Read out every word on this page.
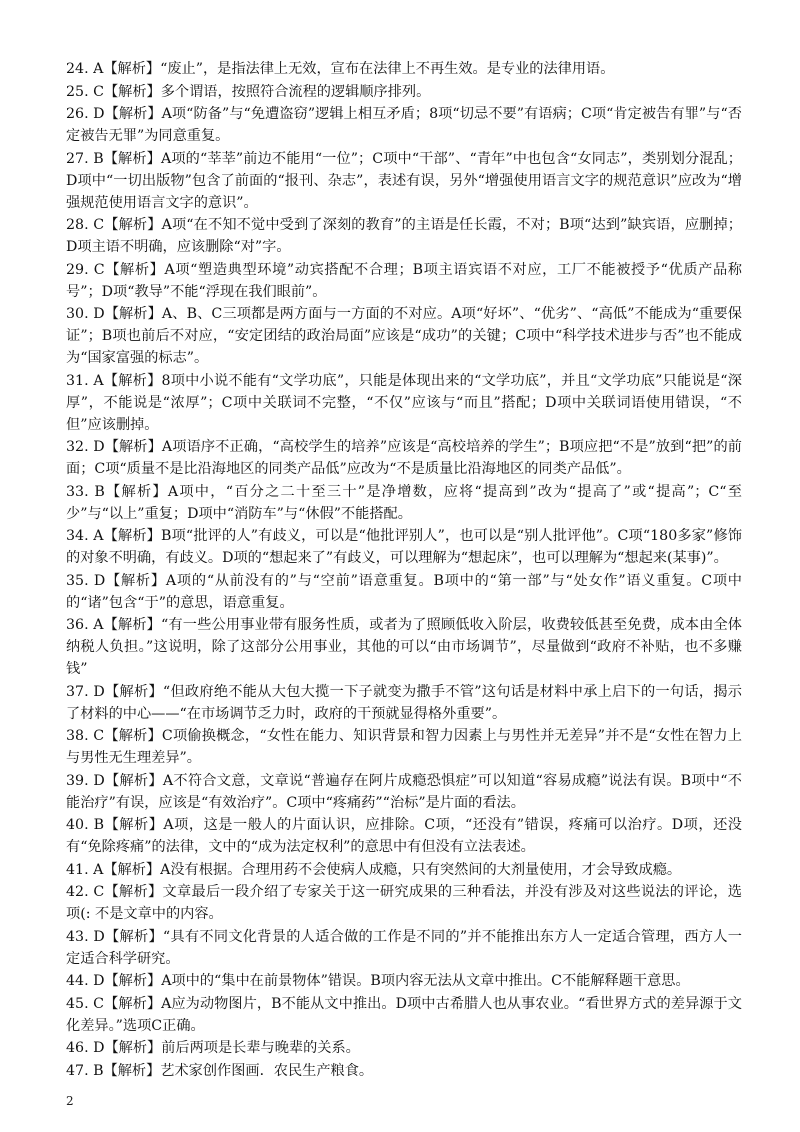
24. A【解析】“废止”，是指法律上无效，宣布在法律上不再生效。是专业的法律用语。

25. C【解析】多个谓语，按照符合流程的逻辑顺序排列。

26. D【解析】A项“防备”与“免遭盗窃”逻辑上相互矛盾；8项“切忌不要”有语病；C项“肯定被告有罪”与“否定被告无罪”为同意重复。

27. B【解析】A项的“莘莘”前边不能用“一位”；C项中“干部”、“青年”中也包含“女同志”，类别划分混乱；D项中“一切出版物”包含了前面的“报刊、杂志”，表述有误，另外“增强使用语言文字的规范意识”应改为“增强规范使用语言文字的意识”。

28. C【解析】A项“在不知不觉中受到了深刻的教育”的主语是任长霞，不对；B项“达到”缺宾语，应删掉；D项主语不明确，应该删除“对”字。

29. C【解析】A项“塑造典型环境”动宾搭配不合理；B项主语宾语不对应，工厂不能被授予“优质产品称号”；D项“教导”不能“浮现在我们眼前”。

30. D【解析】A、B、C三项都是两方面与一方面的不对应。A项“好坏”、“优劣”、“高低”不能成为“重要保证”；B项也前后不对应，“安定团结的政治局面”应该是“成功”的关键；C项中“科学技术进步与否”也不能成为“国家富强的标志”。

31. A【解析】8项中小说不能有“文学功底”，只能是体现出来的“文学功底”，并且“文学功底”只能说是“深厚”，不能说是“浓厚”；C项中关联词不完整，“不仅”应该与“而且”搭配；D项中关联词语使用错误，“不但”应该删掉。

32. D【解析】A项语序不正确，“高校学生的培养”应该是“高校培养的学生”；B项应把“不是”放到“把”的前面；C项“质量不是比沿海地区的同类产品低”应改为“不是质量比沿海地区的同类产品低”。

33. B【解析】A项中，“百分之二十至三十”是净增数，应将“提高到”改为“提高了”或“提高”；C“至少”与“以上”重复；D项中“消防车”与“休假”不能搭配。

34. A【解析】B项“批评的人”有歧义，可以是“他批评别人”，也可以是“别人批评他”。C项“180多家”修饰的对象不明确，有歧义。D项的“想起来了”有歧义，可以理解为“想起床”，也可以理解为“想起来(某事)”。

35. D【解析】A项的“从前没有的”与“空前”语意重复。B项中的“第一部”与“处女作”语义重复。C项中的“诸”包含“于”的意思，语意重复。

36. A【解析】“有一些公用事业带有服务性质，或者为了照顾低收入阶层，收费较低甚至免费，成本由全体纳税人负担。”这说明，除了这部分公用事业，其他的可以“由市场调节”，尽量做到“政府不补贴，也不多赚钱”

37. D【解析】“但政府绝不能从大包大揽一下子就变为撒手不管”这句话是材料中承上启下的一句话，揭示了材料的中心——“在市场调节乏力时，政府的干预就显得格外重要”。

38. C【解析】C项偷换概念，“女性在能力、知识背景和智力因素上与男性并无差异”并不是“女性在智力上与男性无生理差异”。

39. D【解析】A不符合文意，文章说“普遍存在阿片成瘾恐惧症”可以知道“容易成瘾”说法有误。B项中“不能治疗”有误，应该是“有效治疗”。C项中“疼痛药”“治标”是片面的看法。

40. B【解析】A项，这是一般人的片面认识，应排除。C项，“还没有”错误，疼痛可以治疗。D项，还没有“免除疼痛”的法律，文中的“成为法定权利”的意思中有但没有立法表述。

41. A【解析】A没有根据。合理用药不会使病人成瘾，只有突然间的大剂量使用，才会导致成瘾。

42. C【解析】文章最后一段介绍了专家关于这一研究成果的三种看法，并没有涉及对这些说法的评论，选项(: 不是文章中的内容。

43. D【解析】“具有不同文化背景的人适合做的工作是不同的”并不能推出东方人一定适合管理，西方人一定适合科学研究。

44. D【解析】A项中的“集中在前景物体”错误。B项内容无法从文章中推出。C不能解释题干意思。

45. C【解析】A应为动物图片，B不能从文中推出。D项中古希腊人也从事农业。“看世界方式的差异源于文化差异。”选项C正确。

46. D【解析】前后两项是长辈与晚辈的关系。

47. B【解析】艺术家创作图画．农民生产粮食。

2
